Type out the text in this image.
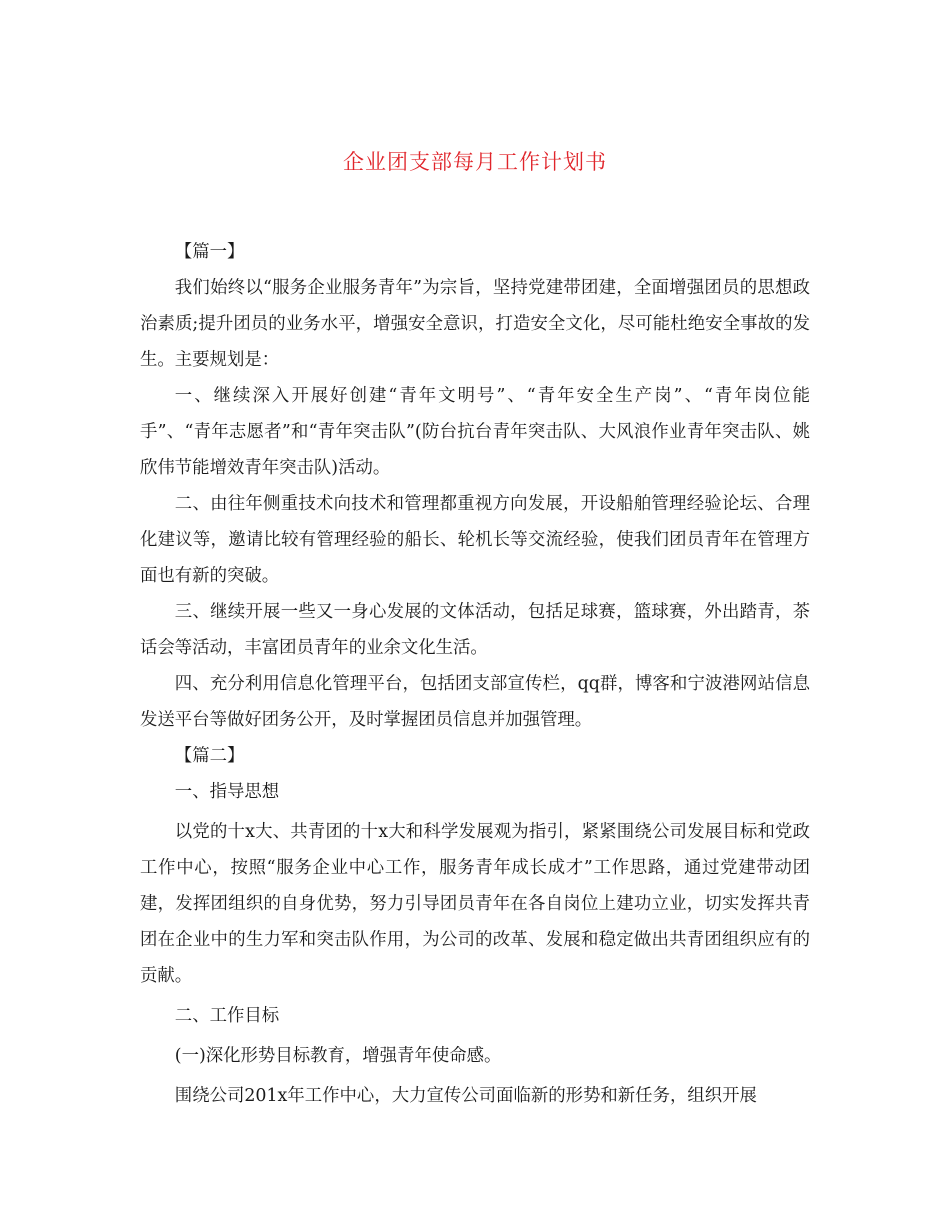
企业团支部每月工作计划书

【篇一】

我们始终以“服务企业服务青年”为宗旨，坚持党建带团建，全面增强团员的思想政治素质;提升团员的业务水平，增强安全意识，打造安全文化，尽可能杜绝安全事故的发生。主要规划是：

一、继续深入开展好创建“青年文明号”、“青年安全生产岗”、“青年岗位能手”、“青年志愿者”和“青年突击队”(防台抗台青年突击队、大风浪作业青年突击队、姚欣伟节能增效青年突击队)活动。

二、由往年侧重技术向技术和管理都重视方向发展，开设船舶管理经验论坛、合理化建议等，邀请比较有管理经验的船长、轮机长等交流经验，使我们团员青年在管理方面也有新的突破。

三、继续开展一些又一身心发展的文体活动，包括足球赛，篮球赛，外出踏青，茶话会等活动，丰富团员青年的业余文化生活。

四、充分利用信息化管理平台，包括团支部宣传栏，qq群，博客和宁波港网站信息发送平台等做好团务公开，及时掌握团员信息并加强管理。

【篇二】

一、指导思想

以党的十x大、共青团的十x大和科学发展观为指引，紧紧围绕公司发展目标和党政工作中心，按照“服务企业中心工作，服务青年成长成才”工作思路，通过党建带动团建，发挥团组织的自身优势，努力引导团员青年在各自岗位上建功立业，切实发挥共青团在企业中的生力军和突击队作用，为公司的改革、发展和稳定做出共青团组织应有的贡献。

二、工作目标

(一)深化形势目标教育，增强青年使命感。

围绕公司201x年工作中心，大力宣传公司面临新的形势和新任务，组织开展
